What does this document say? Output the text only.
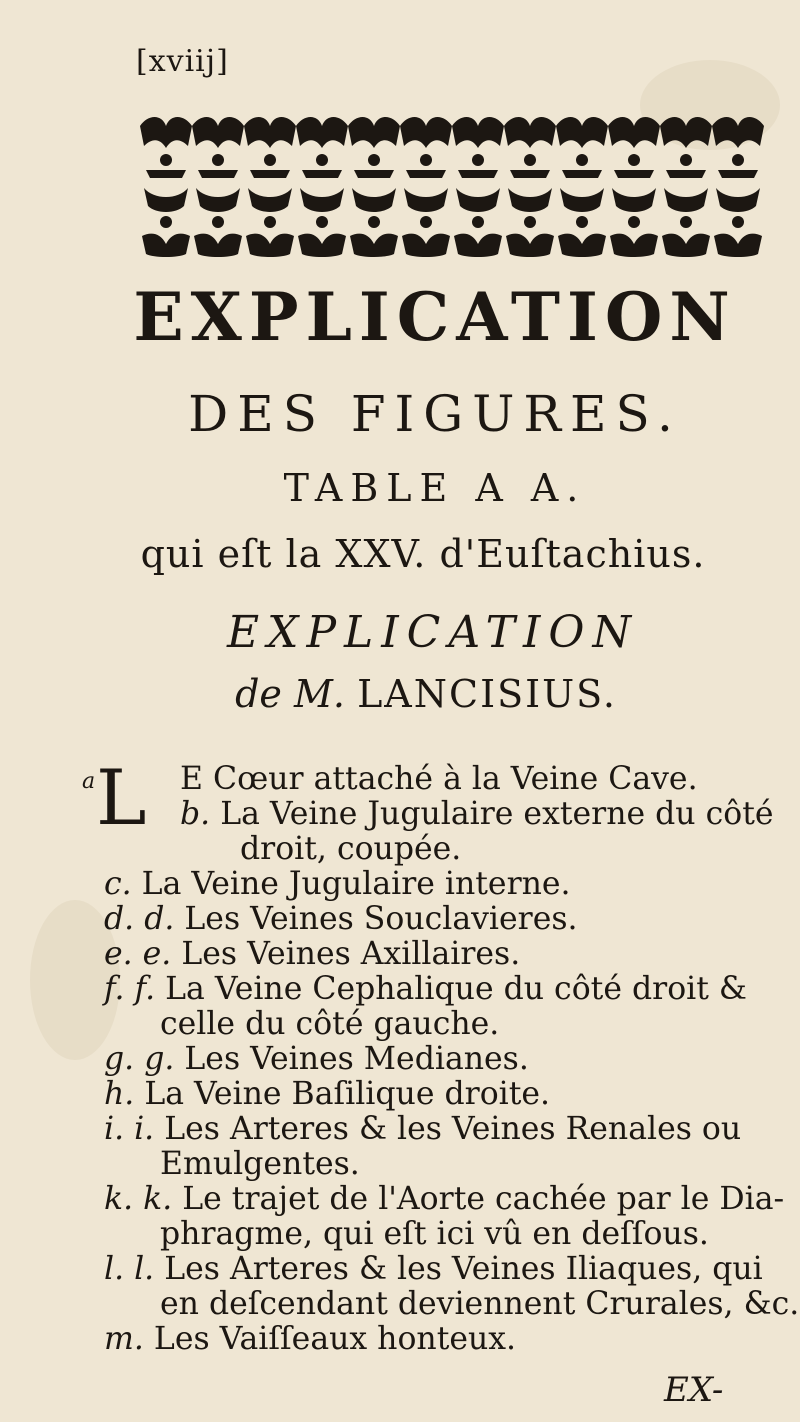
[xviij]
EXPLICATION
DES FIGURES.
TABLE A A.
qui eſt la XXV. d'Euſtachius.
EXPLICATION
de M. LANCISIUS.
a L E Cœur attaché à la Veine Cave.
b. La Veine Jugulaire externe du côté
droit, coupée.
c. La Veine Jugulaire interne.
d. d. Les Veines Souclavieres.
e. e. Les Veines Axillaires.
f. f. La Veine Cephalique du côté droit &
celle du côté gauche.
g. g. Les Veines Medianes.
h. La Veine Baſilique droite.
i. i. Les Arteres & les Veines Renales ou
Emulgentes.
k. k. Le trajet de l'Aorte cachée par le Dia-
phragme, qui eſt ici vû en deſſous.
l. l. Les Arteres & les Veines Iliaques, qui
en deſcendant deviennent Crurales, &c.
m. Les Vaiſſeaux honteux.
EX-
